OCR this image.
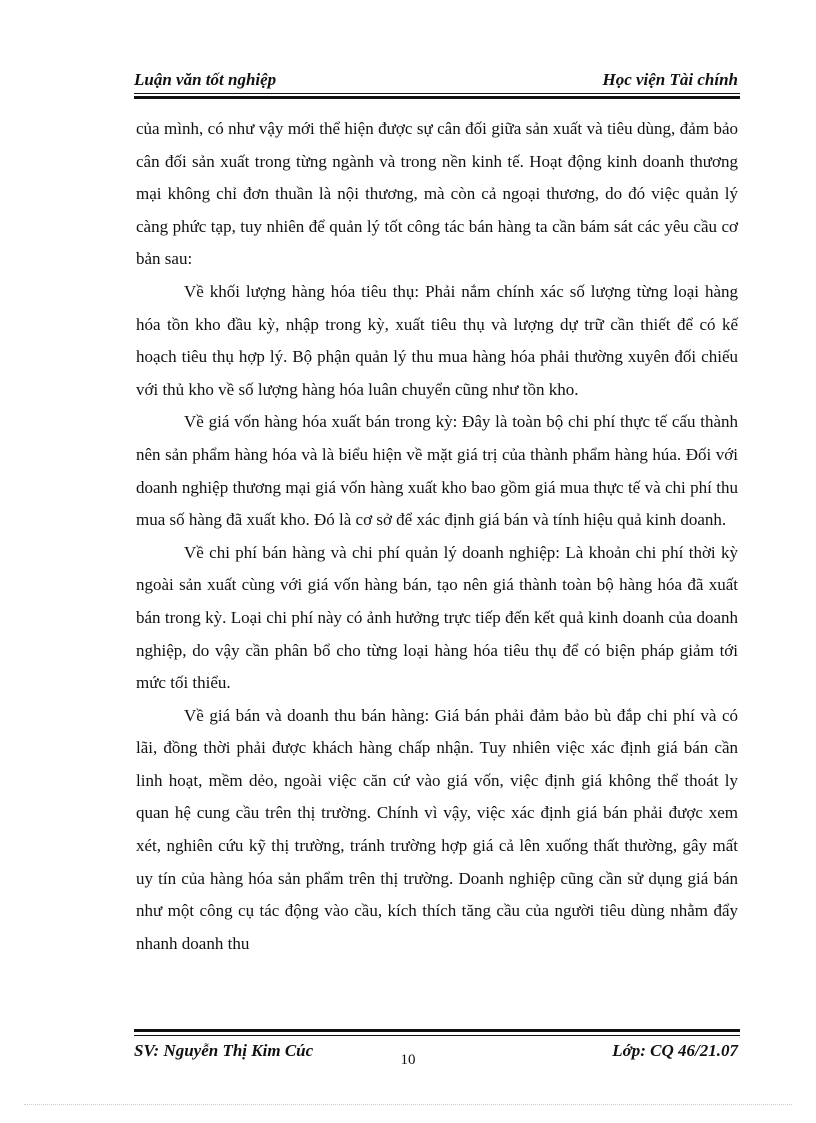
Luận văn tốt nghiệp	Học viện Tài chính

của mình, có như vậy mới thể hiện được sự cân đối giữa sản xuất và tiêu dùng, đảm bảo cân đối sản xuất trong từng ngành và trong nền kinh tế. Hoạt động kinh doanh thương mại không chỉ đơn thuần là nội thương, mà còn cả ngoại thương, do đó việc quản lý càng phức tạp, tuy nhiên để quản lý tốt công tác bán hàng ta cần bám sát các yêu cầu cơ bản sau:

Về khối lượng hàng hóa tiêu thụ: Phải nắm chính xác số lượng từng loại hàng hóa tồn kho đầu kỳ, nhập trong kỳ, xuất tiêu thụ và lượng dự trữ cần thiết để có kế hoạch tiêu thụ hợp lý. Bộ phận quản lý thu mua hàng hóa phải thường xuyên đối chiếu với thủ kho về số lượng hàng hóa luân chuyển cũng như tồn kho.

Về giá vốn hàng hóa xuất bán trong kỳ: Đây là toàn bộ chi phí thực tế cấu thành nên sản phẩm hàng hóa và là biểu hiện về mặt giá trị của thành phẩm hàng húa. Đối với doanh nghiệp thương mại giá vốn hàng xuất kho bao gồm giá mua thực tế và chi phí thu mua số hàng đã xuất kho. Đó là cơ sở để xác định giá bán và tính hiệu quả kinh doanh.

Về chi phí bán hàng và chi phí quản lý doanh nghiệp: Là khoản chi phí thời kỳ ngoài sản xuất cùng với giá vốn hàng bán, tạo nên giá thành toàn bộ hàng hóa đã xuất bán trong kỳ. Loại chi phí này có ảnh hưởng trực tiếp đến kết quả kinh doanh của doanh nghiệp, do vậy cần phân bổ cho từng loại hàng hóa tiêu thụ để có biện pháp giảm tới mức tối thiểu.

Về giá bán và doanh thu bán hàng: Giá bán phải đảm bảo bù đắp chi phí và có lãi, đồng thời phải được khách hàng chấp nhận. Tuy nhiên việc xác định giá bán cần linh hoạt, mềm dẻo, ngoài việc căn cứ vào giá vốn, việc định giá không thể thoát ly quan hệ cung cầu trên thị trường. Chính vì vậy, việc xác định giá bán phải được xem xét, nghiên cứu kỹ thị trường, tránh trường hợp giá cả lên xuống thất thường, gây mất uy tín của hàng hóa sản phẩm trên thị trường. Doanh nghiệp cũng cần sử dụng giá bán như một công cụ tác động vào cầu, kích thích tăng cầu của người tiêu dùng nhằm đẩy nhanh doanh thu

SV: Nguyễn Thị Kim Cúc	Lớp: CQ 46/21.07
10
